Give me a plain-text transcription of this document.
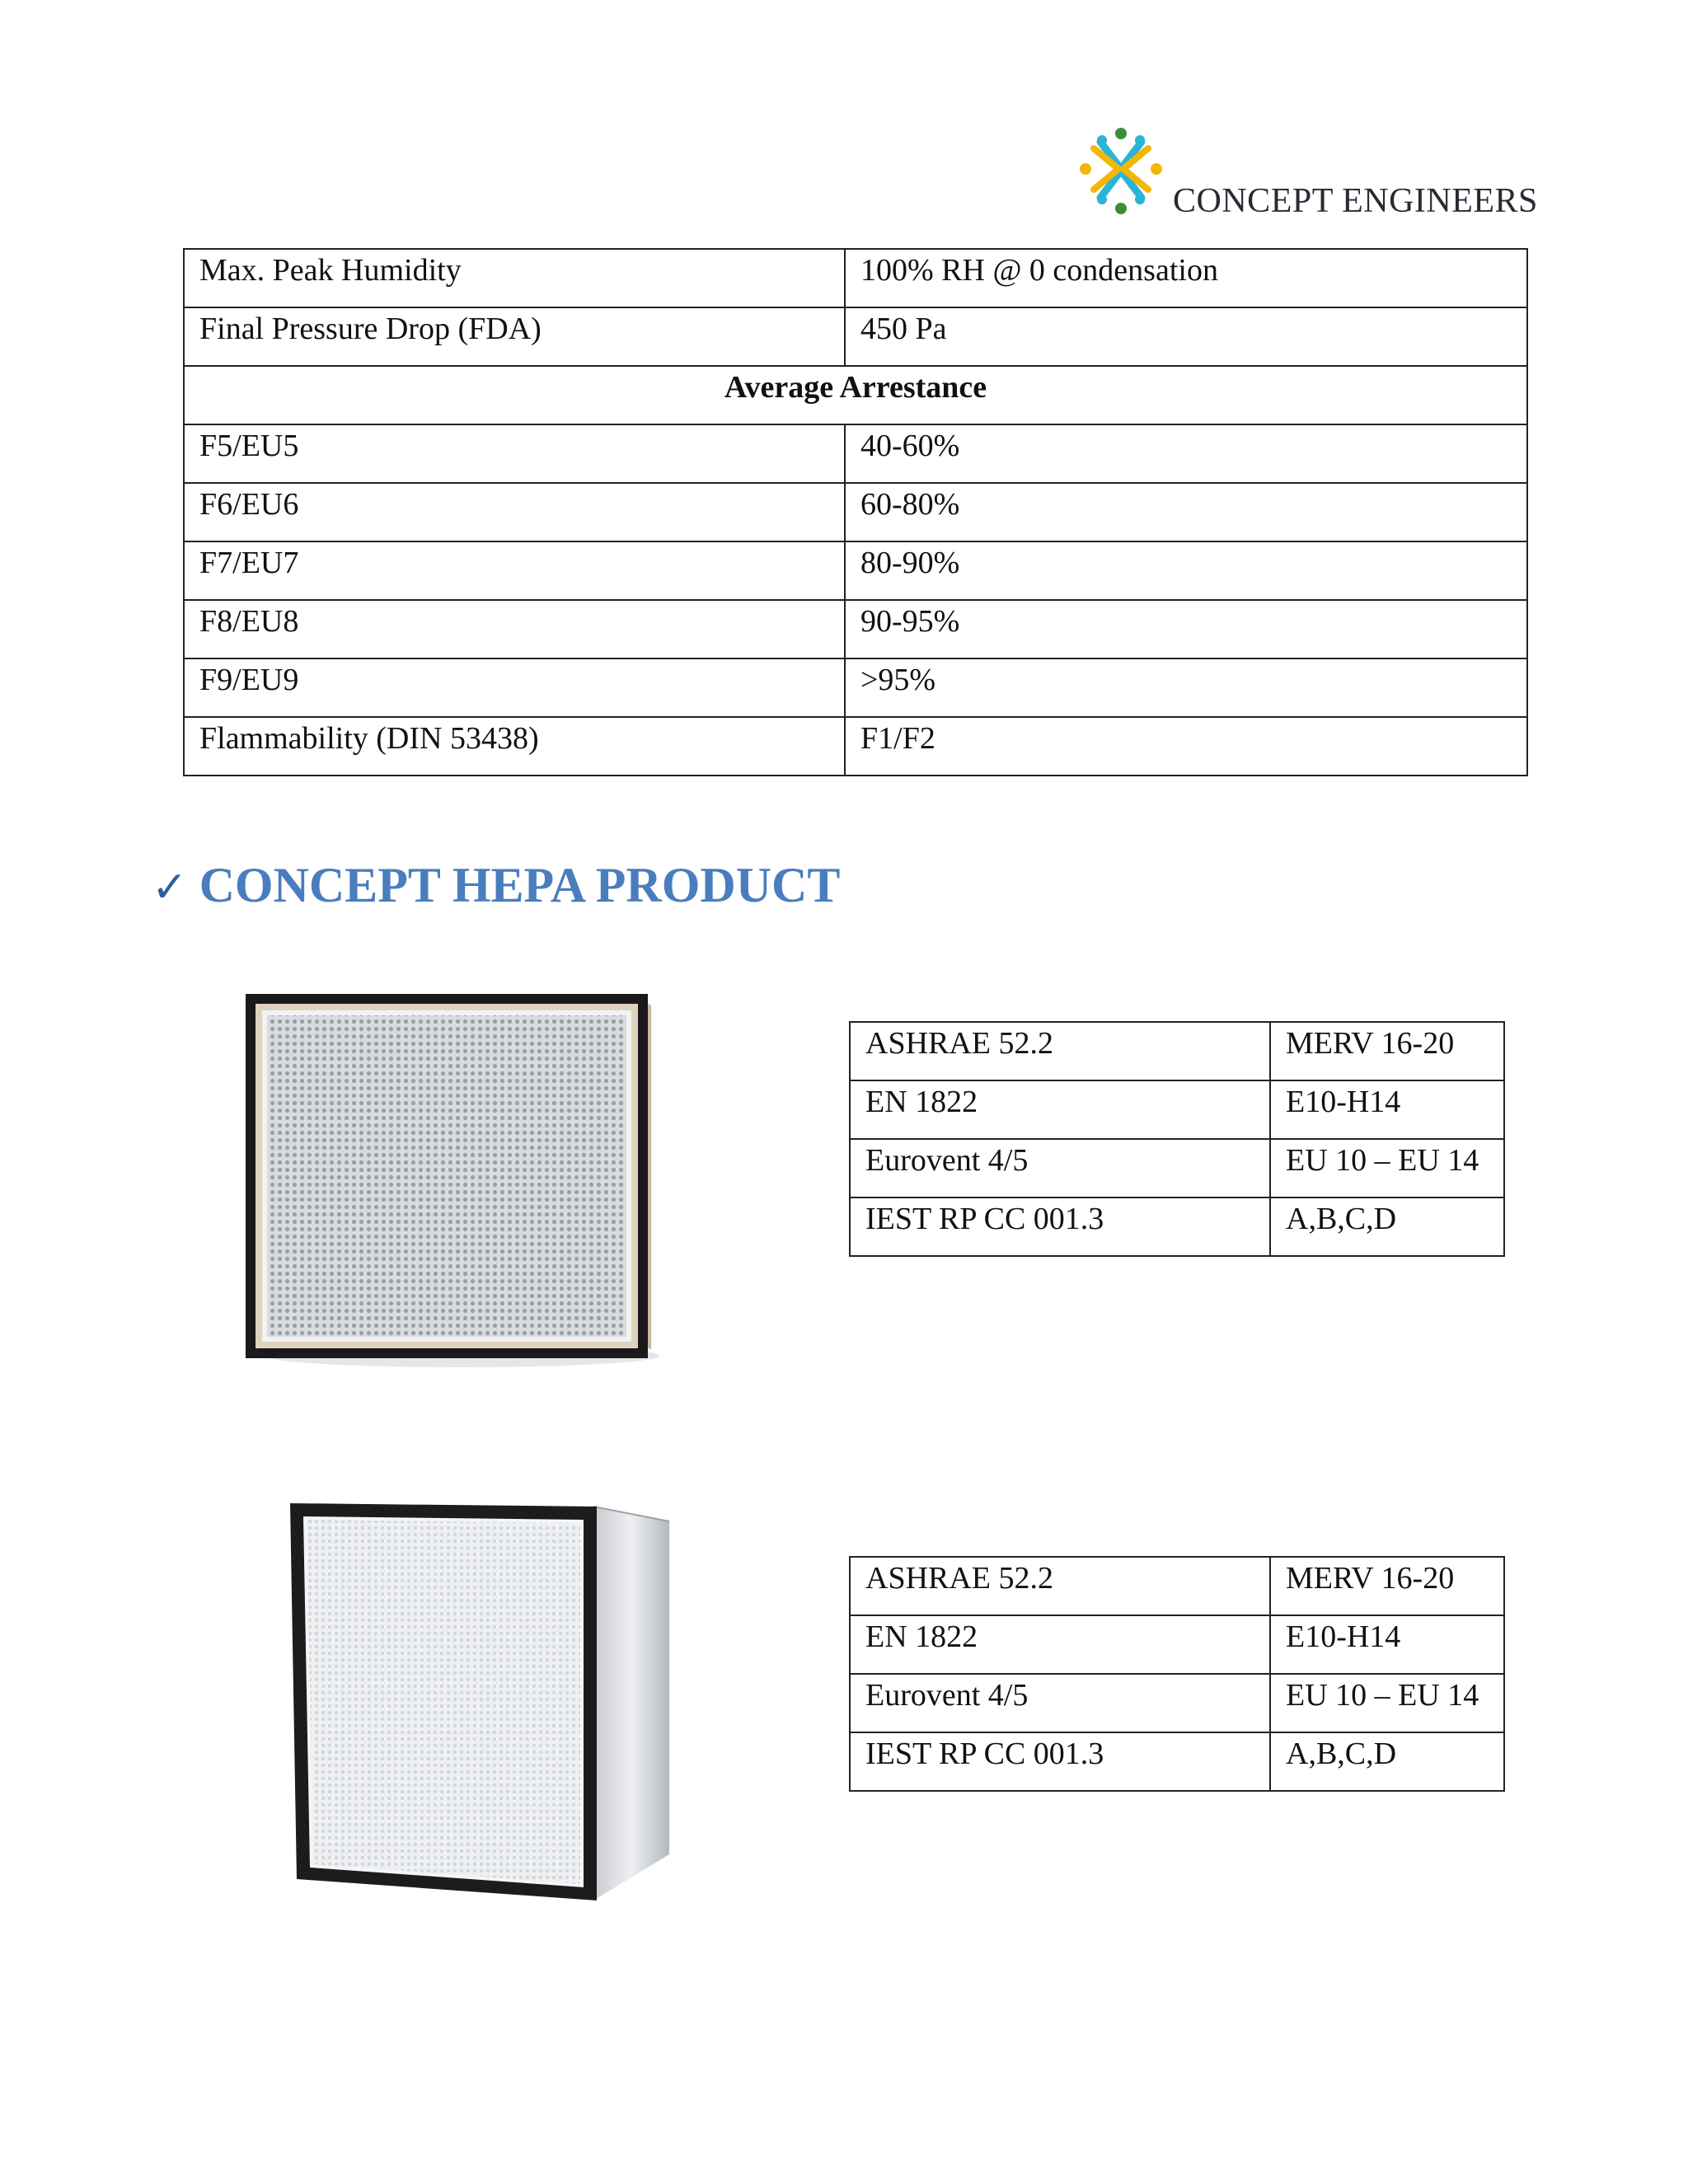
CONCEPT ENGINEERS
Max. Peak Humidity	100% RH @ 0 condensation
Final Pressure Drop (FDA)	450 Pa
Average Arrestance	
F5/EU5	40-60%
F6/EU6	60-80%
F7/EU7	80-90%
F8/EU8	90-95%
F9/EU9	>95%
Flammability (DIN 53438)	F1/F2
✓ CONCEPT HEPA PRODUCT
ASHRAE 52.2	MERV 16-20
EN 1822	E10-H14
Eurovent 4/5	EU 10 – EU 14
IEST RP CC 001.3	A,B,C,D
ASHRAE 52.2	MERV 16-20
EN 1822	E10-H14
Eurovent 4/5	EU 10 – EU 14
IEST RP CC 001.3	A,B,C,D
